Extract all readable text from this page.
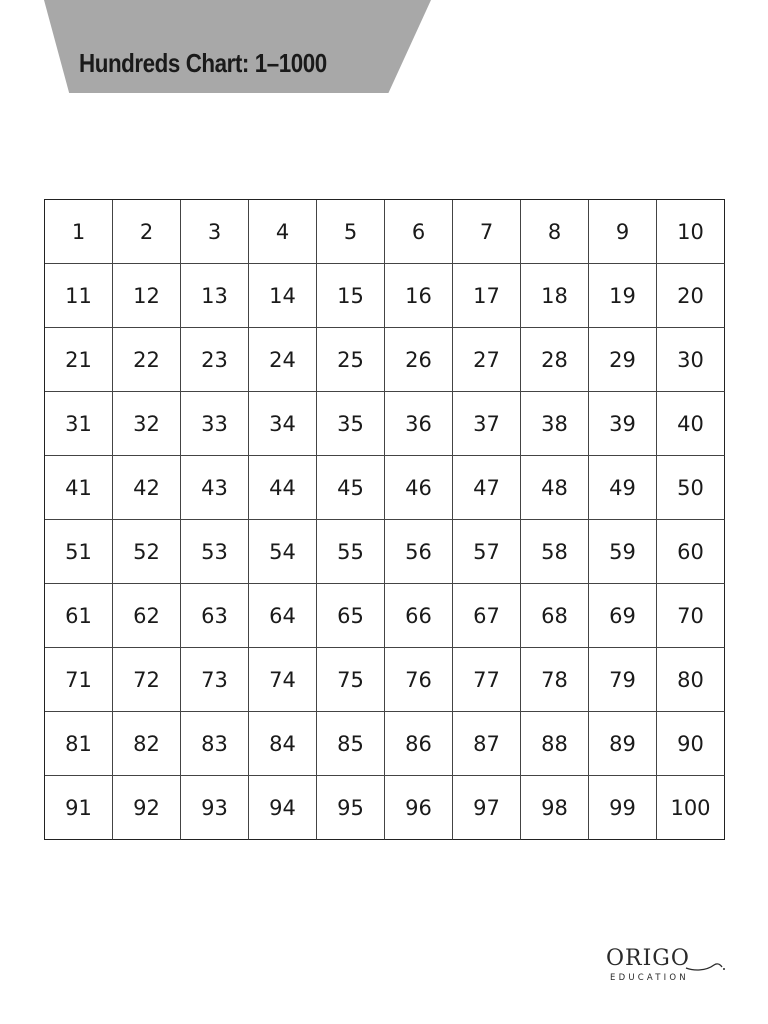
Hundreds Chart: 1–1000
1	2	3	4	5	6	7	8	9	10
11	12	13	14	15	16	17	18	19	20
21	22	23	24	25	26	27	28	29	30
31	32	33	34	35	36	37	38	39	40
41	42	43	44	45	46	47	48	49	50
51	52	53	54	55	56	57	58	59	60
61	62	63	64	65	66	67	68	69	70
71	72	73	74	75	76	77	78	79	80
81	82	83	84	85	86	87	88	89	90
91	92	93	94	95	96	97	98	99	100
ORIGO
EDUCATION
